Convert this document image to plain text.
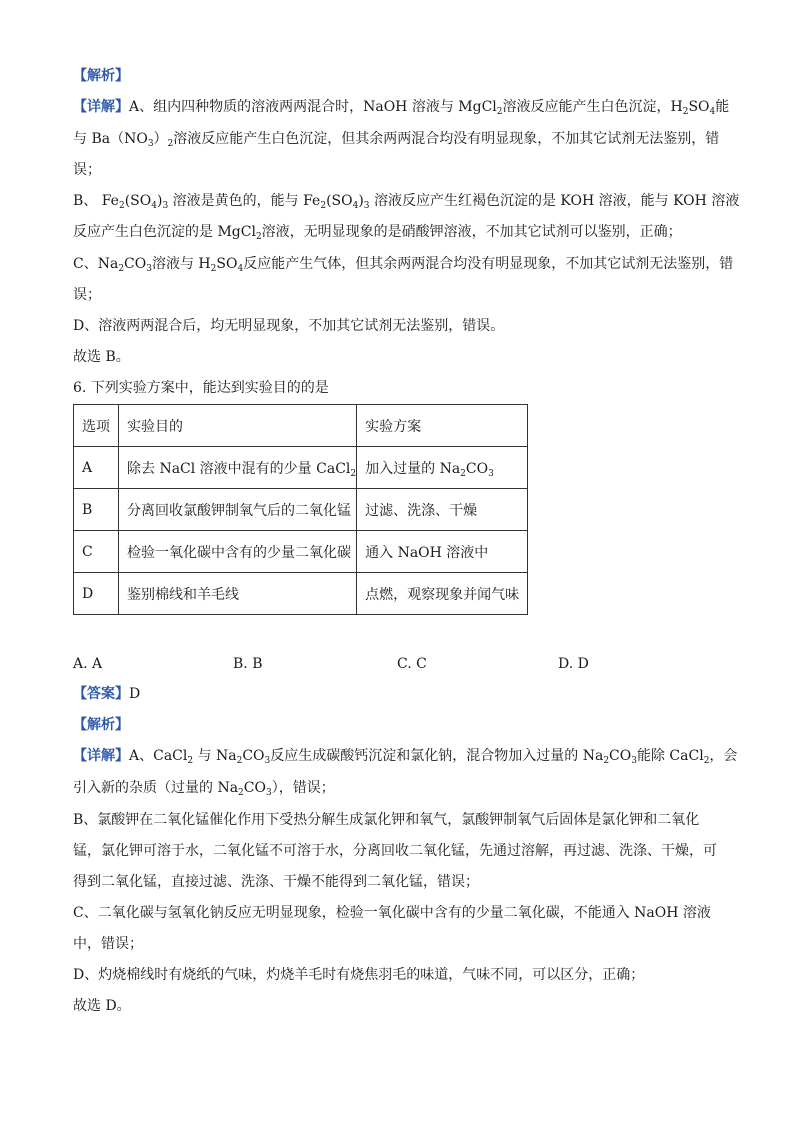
【解析】
【详解】A、组内四种物质的溶液两两混合时，NaOH 溶液与 MgCl$_2$溶液反应能产生白色沉淀，$H_2SO_4$能
与 $Ba(NO_3)_2$溶液反应能产生白色沉淀，但其余两两混合均没有明显现象，不加其它试剂无法鉴别，错
误；
B、 $Fe_2(SO_4)_3$ 溶液是黄色的，能与 $Fe_2(SO_4)_3$ 溶液反应产生红褐色沉淀的是 KOH 溶液，能与 KOH 溶液
反应产生白色沉淀的是 MgCl$_2$溶液，无明显现象的是硝酸钾溶液，不加其它试剂可以鉴别，正确；
C、$Na_2CO_3$溶液与 $H_2SO_4$反应能产生气体，但其余两两混合均没有明显现象，不加其它试剂无法鉴别，错
误；
D、溶液两两混合后，均无明显现象，不加其它试剂无法鉴别，错误。
故选 B。
6. 下列实验方案中，能达到实验目的的是
选项	实验目的	实验方案
A	除去 NaCl 溶液中混有的少量 CaCl$_2$	加入过量的 $Na_2CO_3$
B	分离回收氯酸钾制氧气后的二氧化锰	过滤、洗涤、干燥
C	检验一氧化碳中含有的少量二氧化碳	通入 NaOH 溶液中
D	鉴别棉线和羊毛线	点燃，观察现象并闻气味
A. A	B. B	C. C	D. D
【答案】D
【解析】
【详解】A、CaCl$_2$ 与 $Na_2CO_3$反应生成碳酸钙沉淀和氯化钠，混合物加入过量的 $Na_2CO_3$能除 CaCl$_2$，会
引入新的杂质（过量的 $Na_2CO_3$），错误；
B、氯酸钾在二氧化锰催化作用下受热分解生成氯化钾和氧气，氯酸钾制氧气后固体是氯化钾和二氧化
锰，氯化钾可溶于水，二氧化锰不可溶于水，分离回收二氧化锰，先通过溶解，再过滤、洗涤、干燥，可
得到二氧化锰，直接过滤、洗涤、干燥不能得到二氧化锰，错误；
C、二氧化碳与氢氧化钠反应无明显现象，检验一氧化碳中含有的少量二氧化碳，不能通入 NaOH 溶液
中，错误；
D、灼烧棉线时有烧纸的气味，灼烧羊毛时有烧焦羽毛的味道，气味不同，可以区分，正确；
故选 D。
